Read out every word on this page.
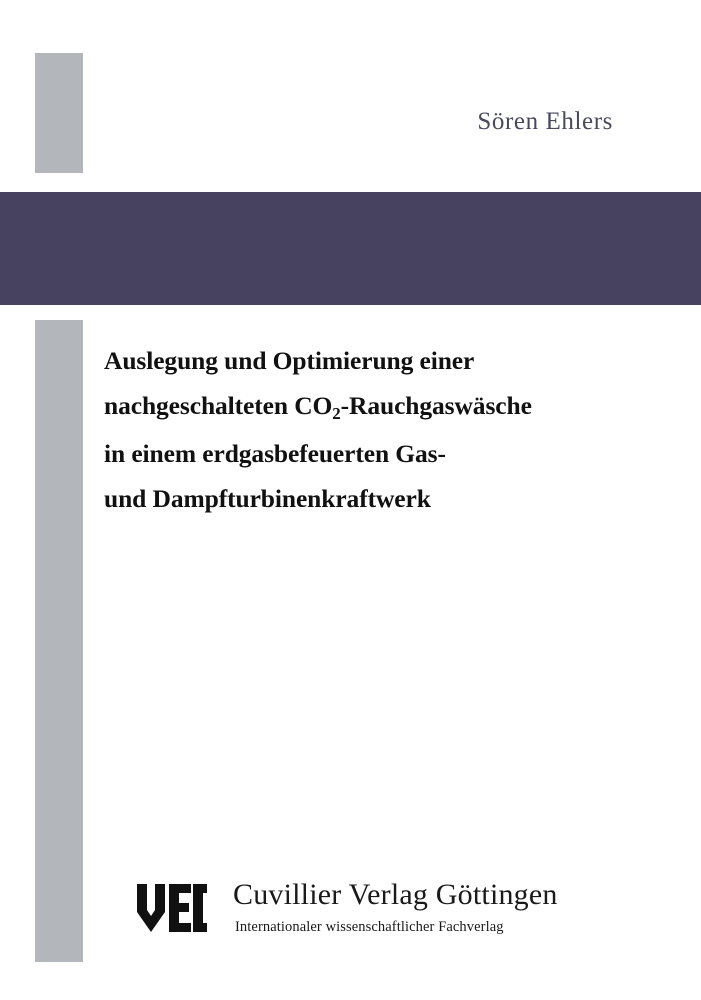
Sören Ehlers
Auslegung und Optimierung einer
nachgeschalteten $CO_2$-Rauchgaswäsche
in einem erdgasbefeuerten Gas-
und Dampfturbinenkraftwerk
Cuvillier Verlag Göttingen
Internationaler wissenschaftlicher Fachverlag
